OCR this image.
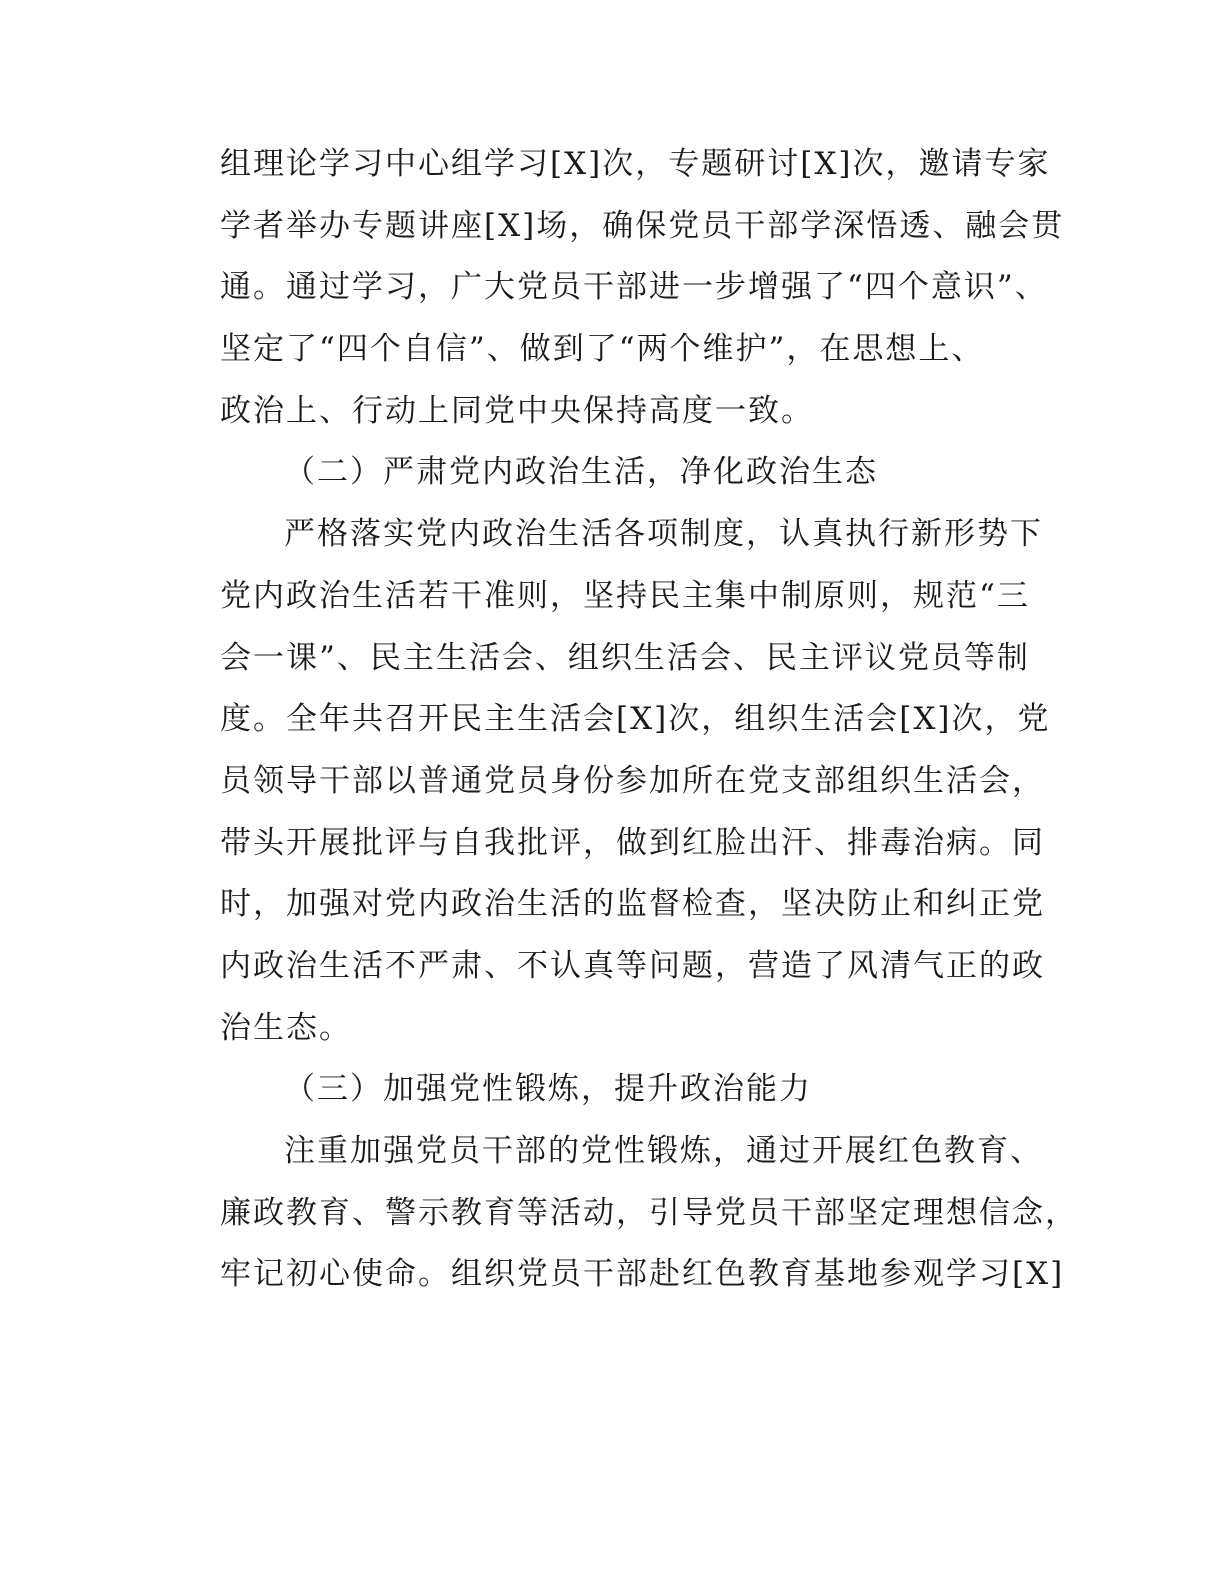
组理论学习中心组学习[X]次，专题研讨[X]次，邀请专家
学者举办专题讲座[X]场，确保党员干部学深悟透、融会贯
通。通过学习，广大党员干部进一步增强了“四个意识”、
坚定了“四个自信”、做到了“两个维护”，在思想上、
政治上、行动上同党中央保持高度一致。
（二）严肃党内政治生活，净化政治生态
严格落实党内政治生活各项制度，认真执行新形势下
党内政治生活若干准则，坚持民主集中制原则，规范“三
会一课”、民主生活会、组织生活会、民主评议党员等制
度。全年共召开民主生活会[X]次，组织生活会[X]次，党
员领导干部以普通党员身份参加所在党支部组织生活会，
带头开展批评与自我批评，做到红脸出汗、排毒治病。同
时，加强对党内政治生活的监督检查，坚决防止和纠正党
内政治生活不严肃、不认真等问题，营造了风清气正的政
治生态。
（三）加强党性锻炼，提升政治能力
注重加强党员干部的党性锻炼，通过开展红色教育、
廉政教育、警示教育等活动，引导党员干部坚定理想信念，
牢记初心使命。组织党员干部赴红色教育基地参观学习[X]
